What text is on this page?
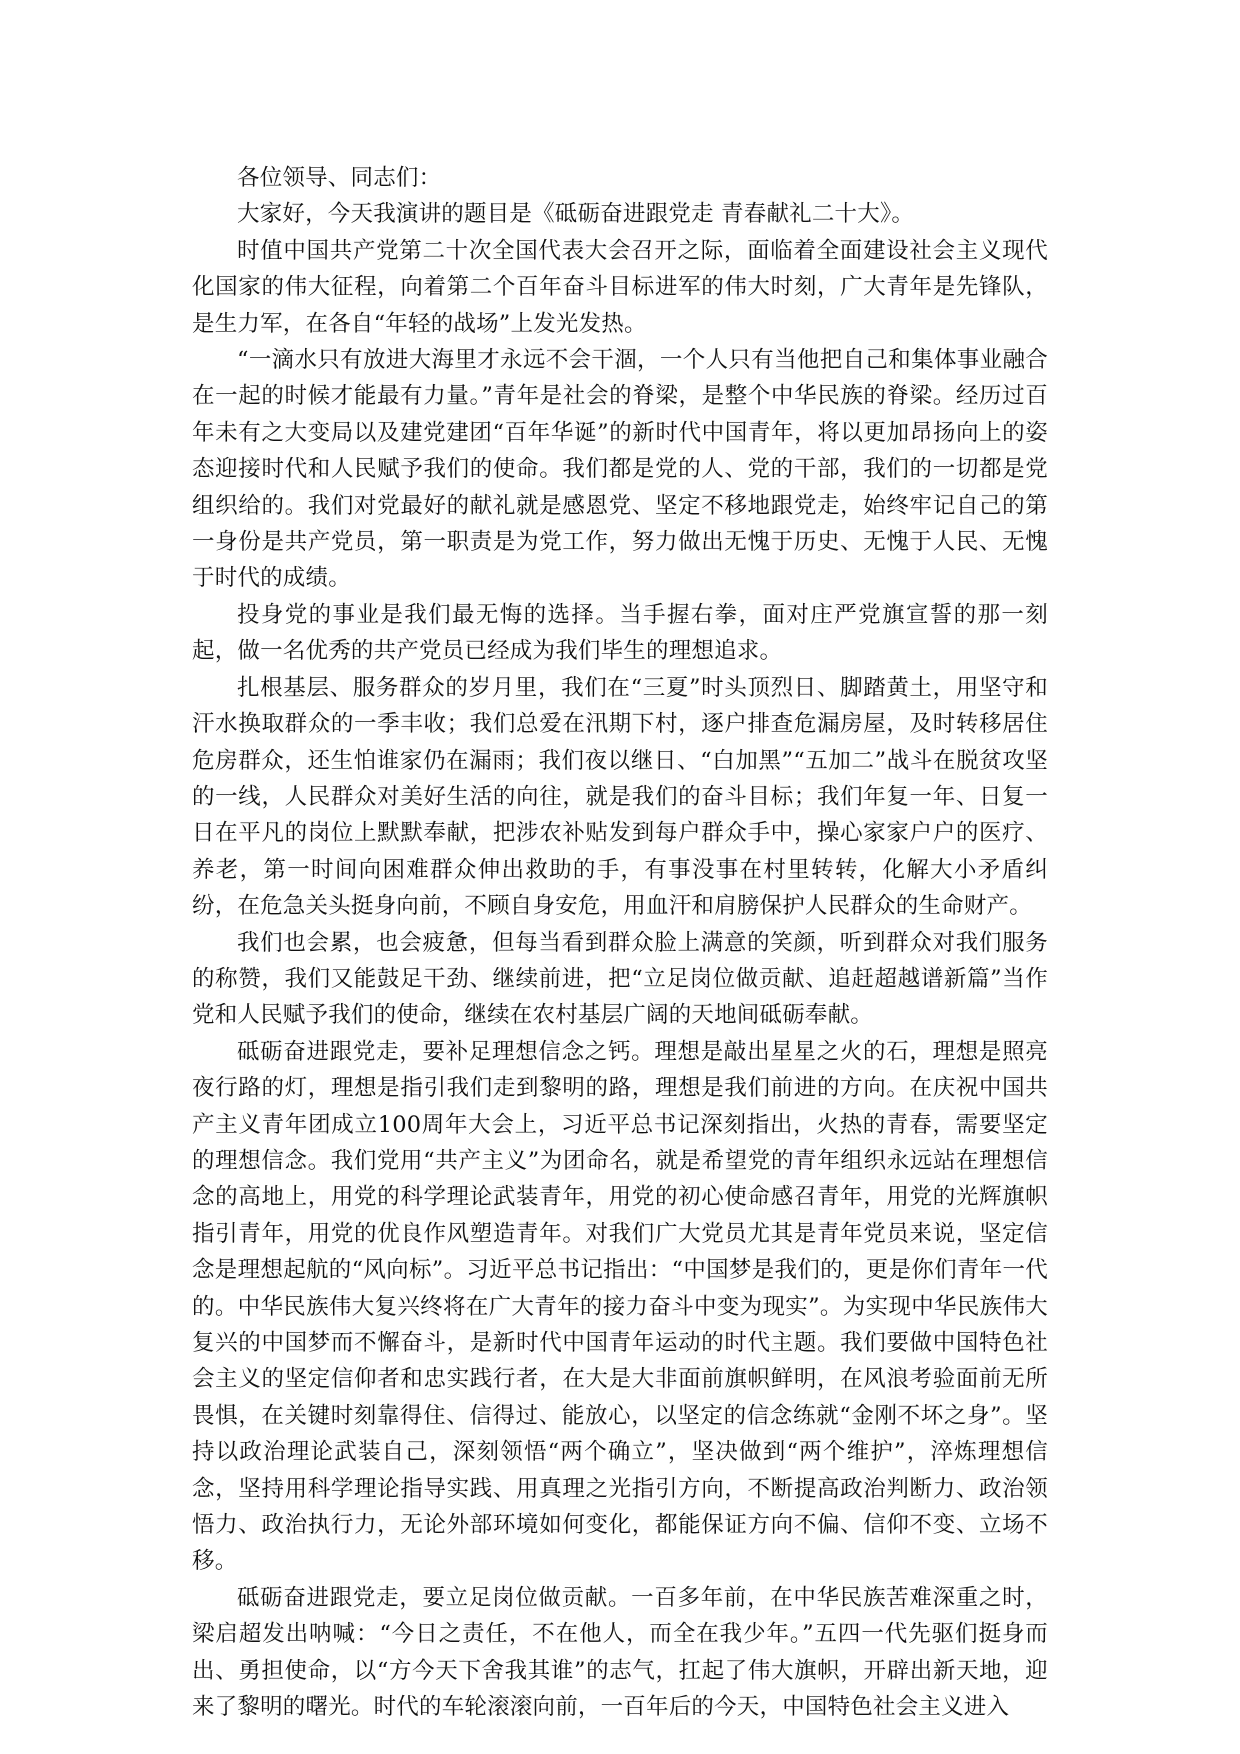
各位领导、同志们：

大家好，今天我演讲的题目是《砥砺奋进跟党走 青春献礼二十大》。

时值中国共产党第二十次全国代表大会召开之际，面临着全面建设社会主义现代化国家的伟大征程，向着第二个百年奋斗目标进军的伟大时刻，广大青年是先锋队，是生力军，在各自“年轻的战场”上发光发热。

“一滴水只有放进大海里才永远不会干涸，一个人只有当他把自己和集体事业融合在一起的时候才能最有力量。”青年是社会的脊梁，是整个中华民族的脊梁。经历过百年未有之大变局以及建党建团“百年华诞”的新时代中国青年，将以更加昂扬向上的姿态迎接时代和人民赋予我们的使命。我们都是党的人、党的干部，我们的一切都是党组织给的。我们对党最好的献礼就是感恩党、坚定不移地跟党走，始终牢记自己的第一身份是共产党员，第一职责是为党工作，努力做出无愧于历史、无愧于人民、无愧于时代的成绩。

投身党的事业是我们最无悔的选择。当手握右拳，面对庄严党旗宣誓的那一刻起，做一名优秀的共产党员已经成为我们毕生的理想追求。

扎根基层、服务群众的岁月里，我们在“三夏”时头顶烈日、脚踏黄土，用坚守和汗水换取群众的一季丰收；我们总爱在汛期下村，逐户排查危漏房屋，及时转移居住危房群众，还生怕谁家仍在漏雨；我们夜以继日、“白加黑”“五加二”战斗在脱贫攻坚的一线，人民群众对美好生活的向往，就是我们的奋斗目标；我们年复一年、日复一日在平凡的岗位上默默奉献，把涉农补贴发到每户群众手中，操心家家户户的医疗、养老，第一时间向困难群众伸出救助的手，有事没事在村里转转，化解大小矛盾纠纷，在危急关头挺身向前，不顾自身安危，用血汗和肩膀保护人民群众的生命财产。

我们也会累，也会疲惫，但每当看到群众脸上满意的笑颜，听到群众对我们服务的称赞，我们又能鼓足干劲、继续前进，把“立足岗位做贡献、追赶超越谱新篇”当作党和人民赋予我们的使命，继续在农村基层广阔的天地间砥砺奉献。

砥砺奋进跟党走，要补足理想信念之钙。理想是敲出星星之火的石，理想是照亮夜行路的灯，理想是指引我们走到黎明的路，理想是我们前进的方向。在庆祝中国共产主义青年团成立100周年大会上，习近平总书记深刻指出，火热的青春，需要坚定的理想信念。我们党用“共产主义”为团命名，就是希望党的青年组织永远站在理想信念的高地上，用党的科学理论武装青年，用党的初心使命感召青年，用党的光辉旗帜指引青年，用党的优良作风塑造青年。对我们广大党员尤其是青年党员来说，坚定信念是理想起航的“风向标”。习近平总书记指出：“中国梦是我们的，更是你们青年一代的。中华民族伟大复兴终将在广大青年的接力奋斗中变为现实”。为实现中华民族伟大复兴的中国梦而不懈奋斗，是新时代中国青年运动的时代主题。我们要做中国特色社会主义的坚定信仰者和忠实践行者，在大是大非面前旗帜鲜明，在风浪考验面前无所畏惧，在关键时刻靠得住、信得过、能放心，以坚定的信念练就“金刚不坏之身”。坚持以政治理论武装自己，深刻领悟“两个确立”，坚决做到“两个维护”，淬炼理想信念，坚持用科学理论指导实践、用真理之光指引方向，不断提高政治判断力、政治领悟力、政治执行力，无论外部环境如何变化，都能保证方向不偏、信仰不变、立场不移。

砥砺奋进跟党走，要立足岗位做贡献。一百多年前，在中华民族苦难深重之时，梁启超发出呐喊：“今日之责任，不在他人，而全在我少年。”五四一代先驱们挺身而出、勇担使命，以“方今天下舍我其谁”的志气，扛起了伟大旗帜，开辟出新天地，迎来了黎明的曙光。时代的车轮滚滚向前，一百年后的今天，中国特色社会主义进入
